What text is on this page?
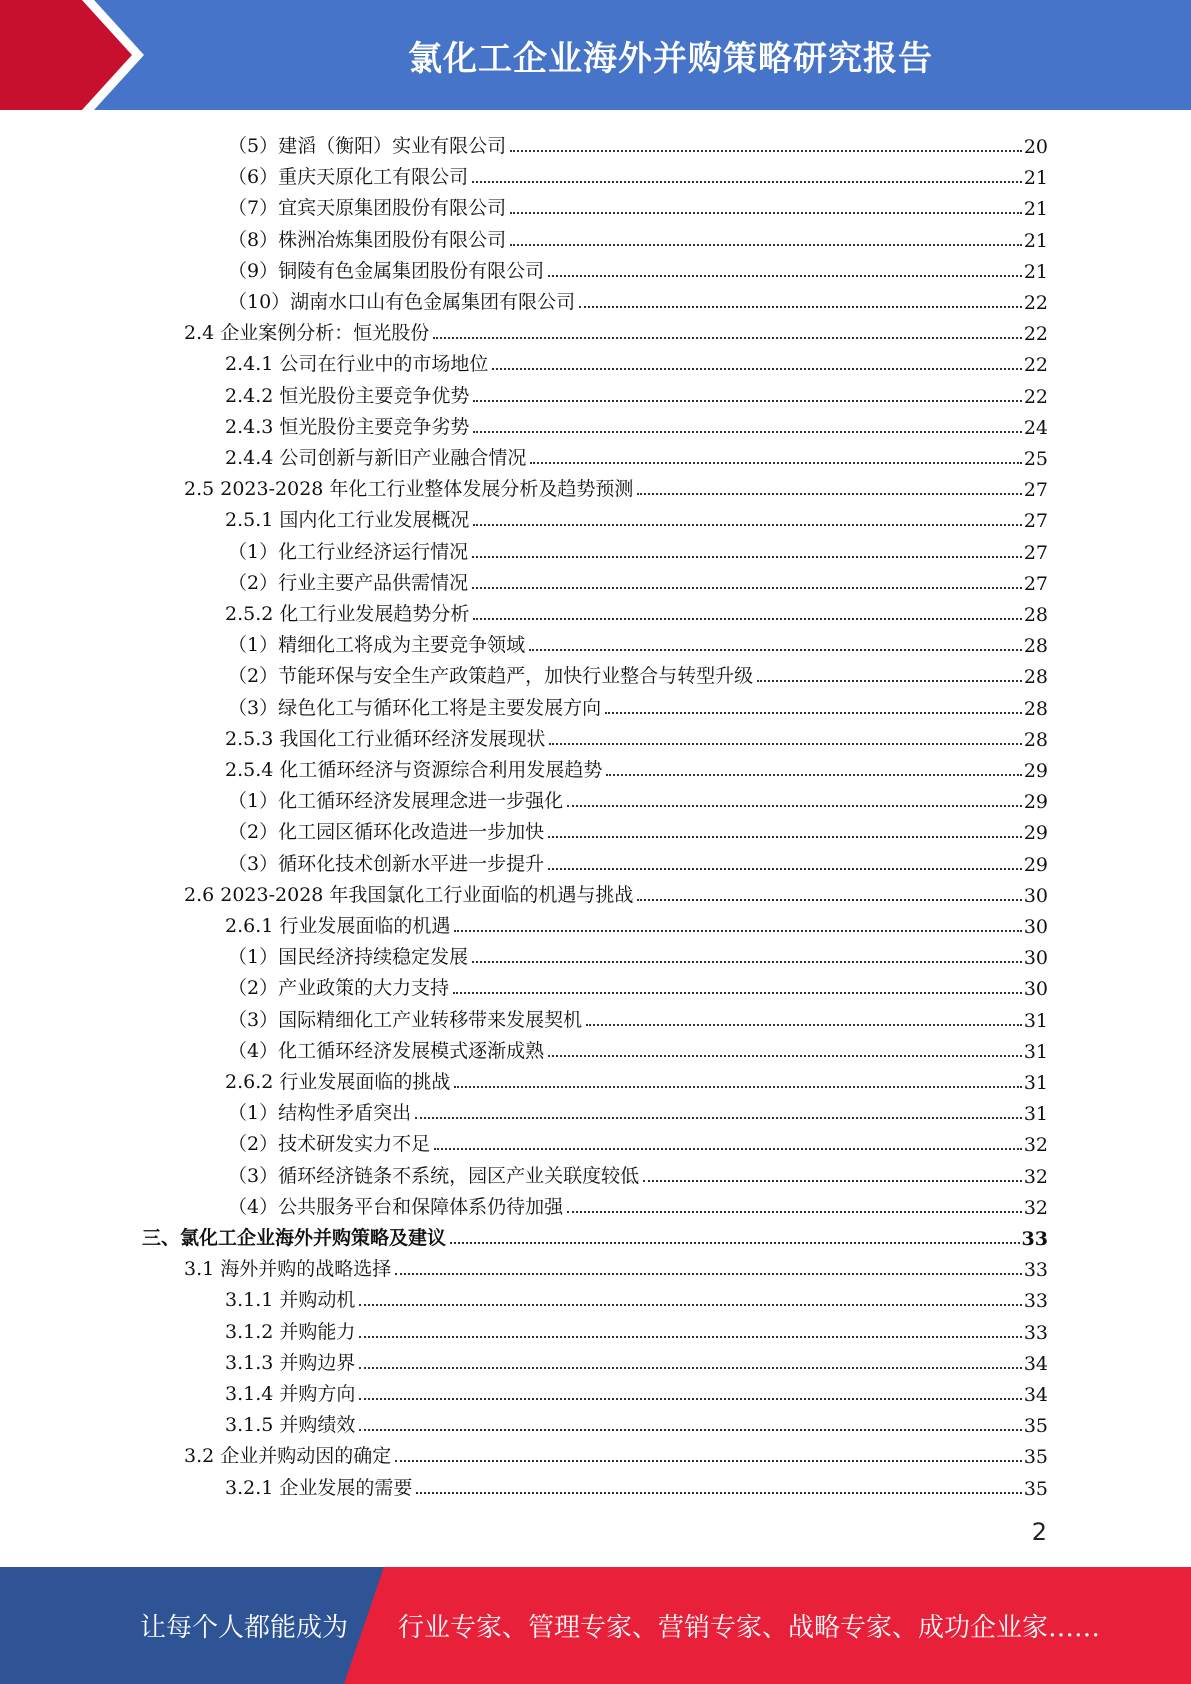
氯化工企业海外并购策略研究报告
（5）建滔（衡阳）实业有限公司	20
（6）重庆天原化工有限公司	21
（7）宜宾天原集团股份有限公司	21
（8）株洲冶炼集团股份有限公司	21
（9）铜陵有色金属集团股份有限公司	21
（10）湖南水口山有色金属集团有限公司	22
2.4 企业案例分析：恒光股份	22
2.4.1 公司在行业中的市场地位	22
2.4.2 恒光股份主要竞争优势	22
2.4.3 恒光股份主要竞争劣势	24
2.4.4 公司创新与新旧产业融合情况	25
2.5 2023-2028 年化工行业整体发展分析及趋势预测	27
2.5.1 国内化工行业发展概况	27
（1）化工行业经济运行情况	27
（2）行业主要产品供需情况	27
2.5.2 化工行业发展趋势分析	28
（1）精细化工将成为主要竞争领域	28
（2）节能环保与安全生产政策趋严，加快行业整合与转型升级	28
（3）绿色化工与循环化工将是主要发展方向	28
2.5.3 我国化工行业循环经济发展现状	28
2.5.4 化工循环经济与资源综合利用发展趋势	29
（1）化工循环经济发展理念进一步强化	29
（2）化工园区循环化改造进一步加快	29
（3）循环化技术创新水平进一步提升	29
2.6 2023-2028 年我国氯化工行业面临的机遇与挑战	30
2.6.1 行业发展面临的机遇	30
（1）国民经济持续稳定发展	30
（2）产业政策的大力支持	30
（3）国际精细化工产业转移带来发展契机	31
（4）化工循环经济发展模式逐渐成熟	31
2.6.2 行业发展面临的挑战	31
（1）结构性矛盾突出	31
（2）技术研发实力不足	32
（3）循环经济链条不系统，园区产业关联度较低	32
（4）公共服务平台和保障体系仍待加强	32
三、氯化工企业海外并购策略及建议	33
3.1 海外并购的战略选择	33
3.1.1 并购动机	33
3.1.2 并购能力	33
3.1.3 并购边界	34
3.1.4 并购方向	34
3.1.5 并购绩效	35
3.2 企业并购动因的确定	35
3.2.1 企业发展的需要	35
2
让每个人都能成为 行业专家、管理专家、营销专家、战略专家、成功企业家……
